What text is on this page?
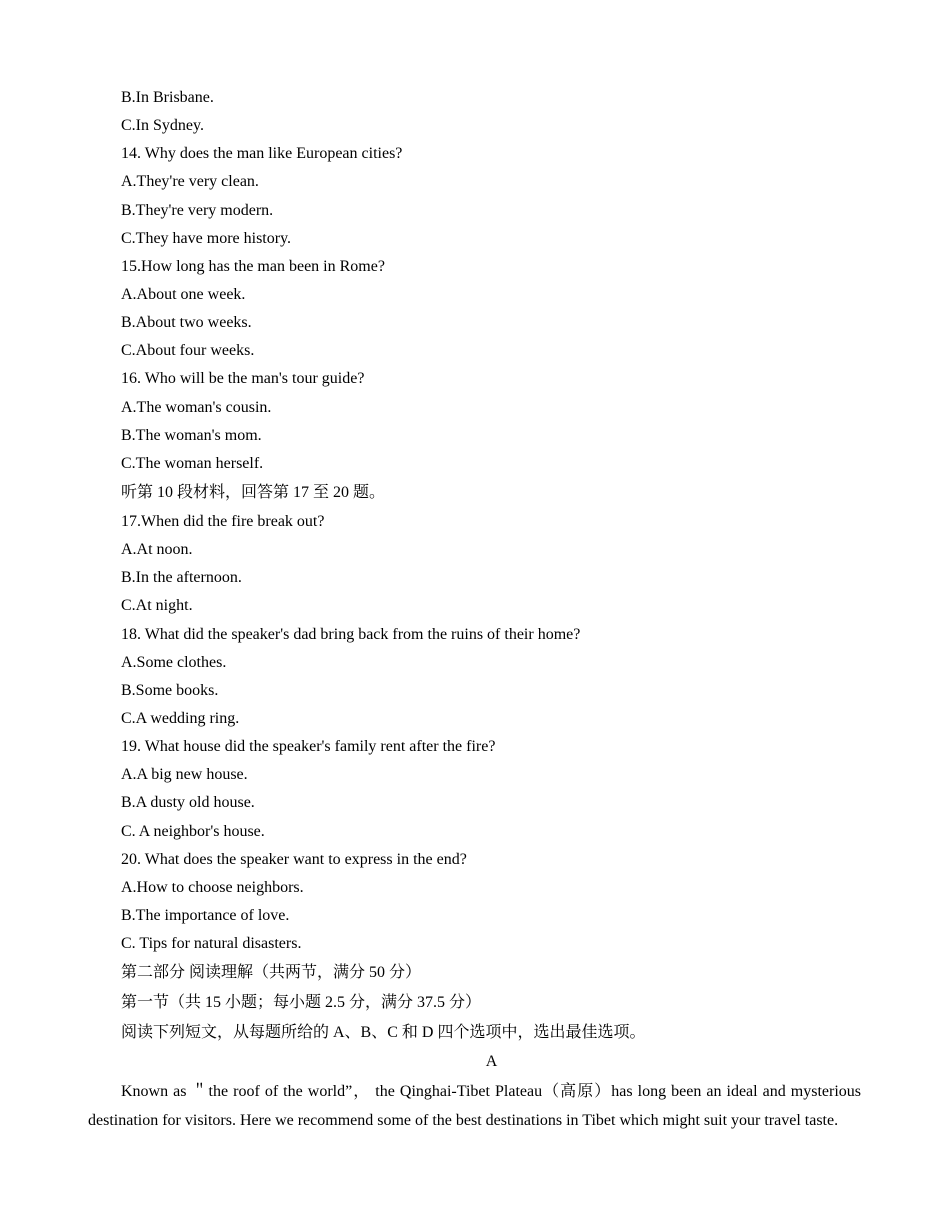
B.In Brisbane.
C.In Sydney.
14. Why does the man like European cities?
A.They're very clean.
B.They're very modern.
C.They have more history.
15.How long has the man been in Rome?
A.About one week.
B.About two weeks.
C.About four weeks.
16. Who will be the man's tour guide?
A.The woman's cousin.
B.The woman's mom.
C.The woman herself.
听第 10 段材料，回答第 17 至 20 题。
17.When did the fire break out?
A.At noon.
B.In the afternoon.
C.At night.
18. What did the speaker's dad bring back from the ruins of their home?
A.Some clothes.
B.Some books.
C.A wedding ring.
19. What house did the speaker's family rent after the fire?
A.A big new house.
B.A dusty old house.
C. A neighbor's house.
20. What does the speaker want to express in the end?
A.How to choose neighbors.
B.The importance of love.
C. Tips for natural disasters.
第二部分 阅读理解（共两节，满分 50 分）
第一节（共 15 小题；每小题 2.5 分，满分 37.5 分）
阅读下列短文，从每题所给的 A、B、C 和 D 四个选项中，选出最佳选项。
A
Known as ＂the roof of the world”， the Qinghai-Tibet Plateau（高原）has long been an ideal and mysterious destination for visitors. Here we recommend some of the best destinations in Tibet which might suit your travel taste.
